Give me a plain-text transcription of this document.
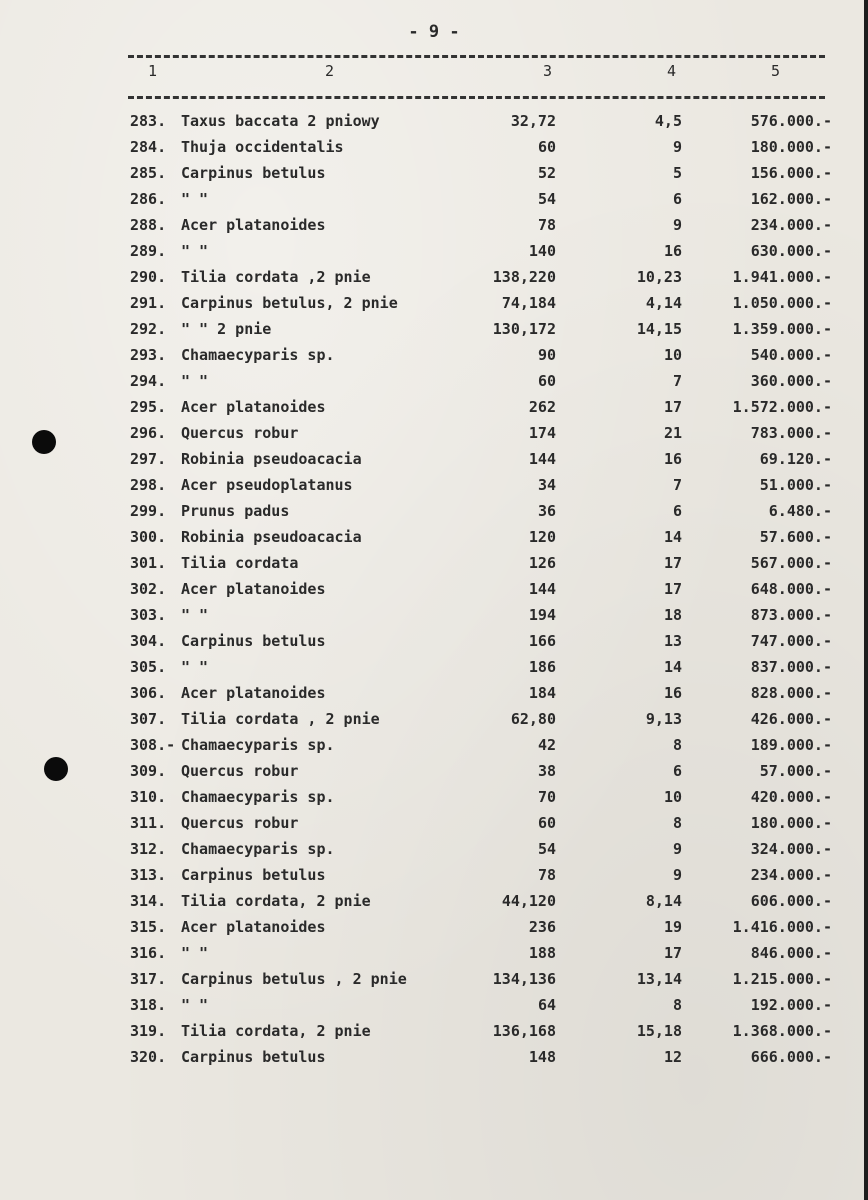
- 9 -
1	2	3	4	5
283. Taxus baccata 2 pniowy	32,72	4,5	576.000.-
284. Thuja occidentalis	60	9	180.000.-
285. Carpinus betulus	52	5	156.000.-
286. " "	54	6	162.000.-
288. Acer platanoides	78	9	234.000.-
289. " "	140	16	630.000.-
290. Tilia cordata ,2 pnie	138,220	10,23	1.941.000.-
291. Carpinus betulus, 2 pnie	74,184	4,14	1.050.000.-
292. " " 2 pnie	130,172	14,15	1.359.000.-
293. Chamaecyparis sp.	90	10	540.000.-
294. " "	60	7	360.000.-
295. Acer platanoides	262	17	1.572.000.-
296. Quercus robur	174	21	783.000.-
297. Robinia pseudoacacia	144	16	69.120.-
298. Acer pseudoplatanus	34	7	51.000.-
299. Prunus padus	36	6	6.480.-
300. Robinia pseudoacacia	120	14	57.600.-
301. Tilia cordata	126	17	567.000.-
302. Acer platanoides	144	17	648.000.-
303. " "	194	18	873.000.-
304. Carpinus betulus	166	13	747.000.-
305. " "	186	14	837.000.-
306. Acer platanoides	184	16	828.000.-
307. Tilia cordata , 2 pnie	62,80	9,13	426.000.-
308.- Chamaecyparis sp.	42	8	189.000.-
309. Quercus robur	38	6	57.000.-
310. Chamaecyparis sp.	70	10	420.000.-
311. Quercus robur	60	8	180.000.-
312. Chamaecyparis sp.	54	9	324.000.-
313. Carpinus betulus	78	9	234.000.-
314. Tilia cordata, 2 pnie	44,120	8,14	606.000.-
315. Acer platanoides	236	19	1.416.000.-
316. " "	188	17	846.000.-
317. Carpinus betulus , 2 pnie	134,136	13,14	1.215.000.-
318. " "	64	8	192.000.-
319. Tilia cordata, 2 pnie	136,168	15,18	1.368.000.-
320. Carpinus betulus	148	12	666.000.-
